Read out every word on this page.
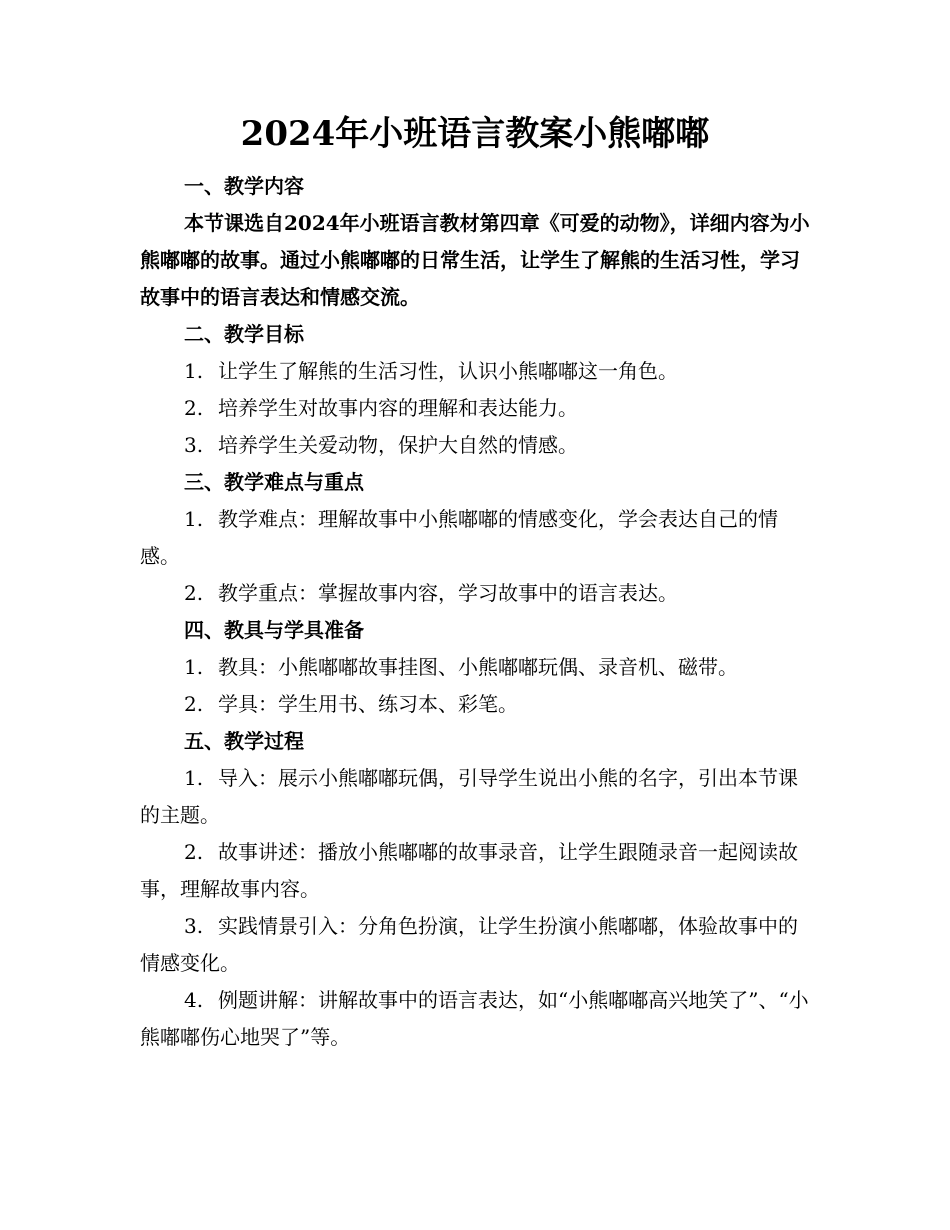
2024年小班语言教案小熊嘟嘟

一、教学内容

本节课选自2024年小班语言教材第四章《可爱的动物》，详细内容为小熊嘟嘟的故事。通过小熊嘟嘟的日常生活，让学生了解熊的生活习性，学习故事中的语言表达和情感交流。

二、教学目标

1. 让学生了解熊的生活习性，认识小熊嘟嘟这一角色。

2. 培养学生对故事内容的理解和表达能力。

3. 培养学生关爱动物，保护大自然的情感。

三、教学难点与重点

1. 教学难点：理解故事中小熊嘟嘟的情感变化，学会表达自己的情感。

2. 教学重点：掌握故事内容，学习故事中的语言表达。

四、教具与学具准备

1. 教具：小熊嘟嘟故事挂图、小熊嘟嘟玩偶、录音机、磁带。

2. 学具：学生用书、练习本、彩笔。

五、教学过程

1. 导入：展示小熊嘟嘟玩偶，引导学生说出小熊的名字，引出本节课的主题。

2. 故事讲述：播放小熊嘟嘟的故事录音，让学生跟随录音一起阅读故事，理解故事内容。

3. 实践情景引入：分角色扮演，让学生扮演小熊嘟嘟，体验故事中的情感变化。

4. 例题讲解：讲解故事中的语言表达，如“小熊嘟嘟高兴地笑了”、“小熊嘟嘟伤心地哭了”等。
